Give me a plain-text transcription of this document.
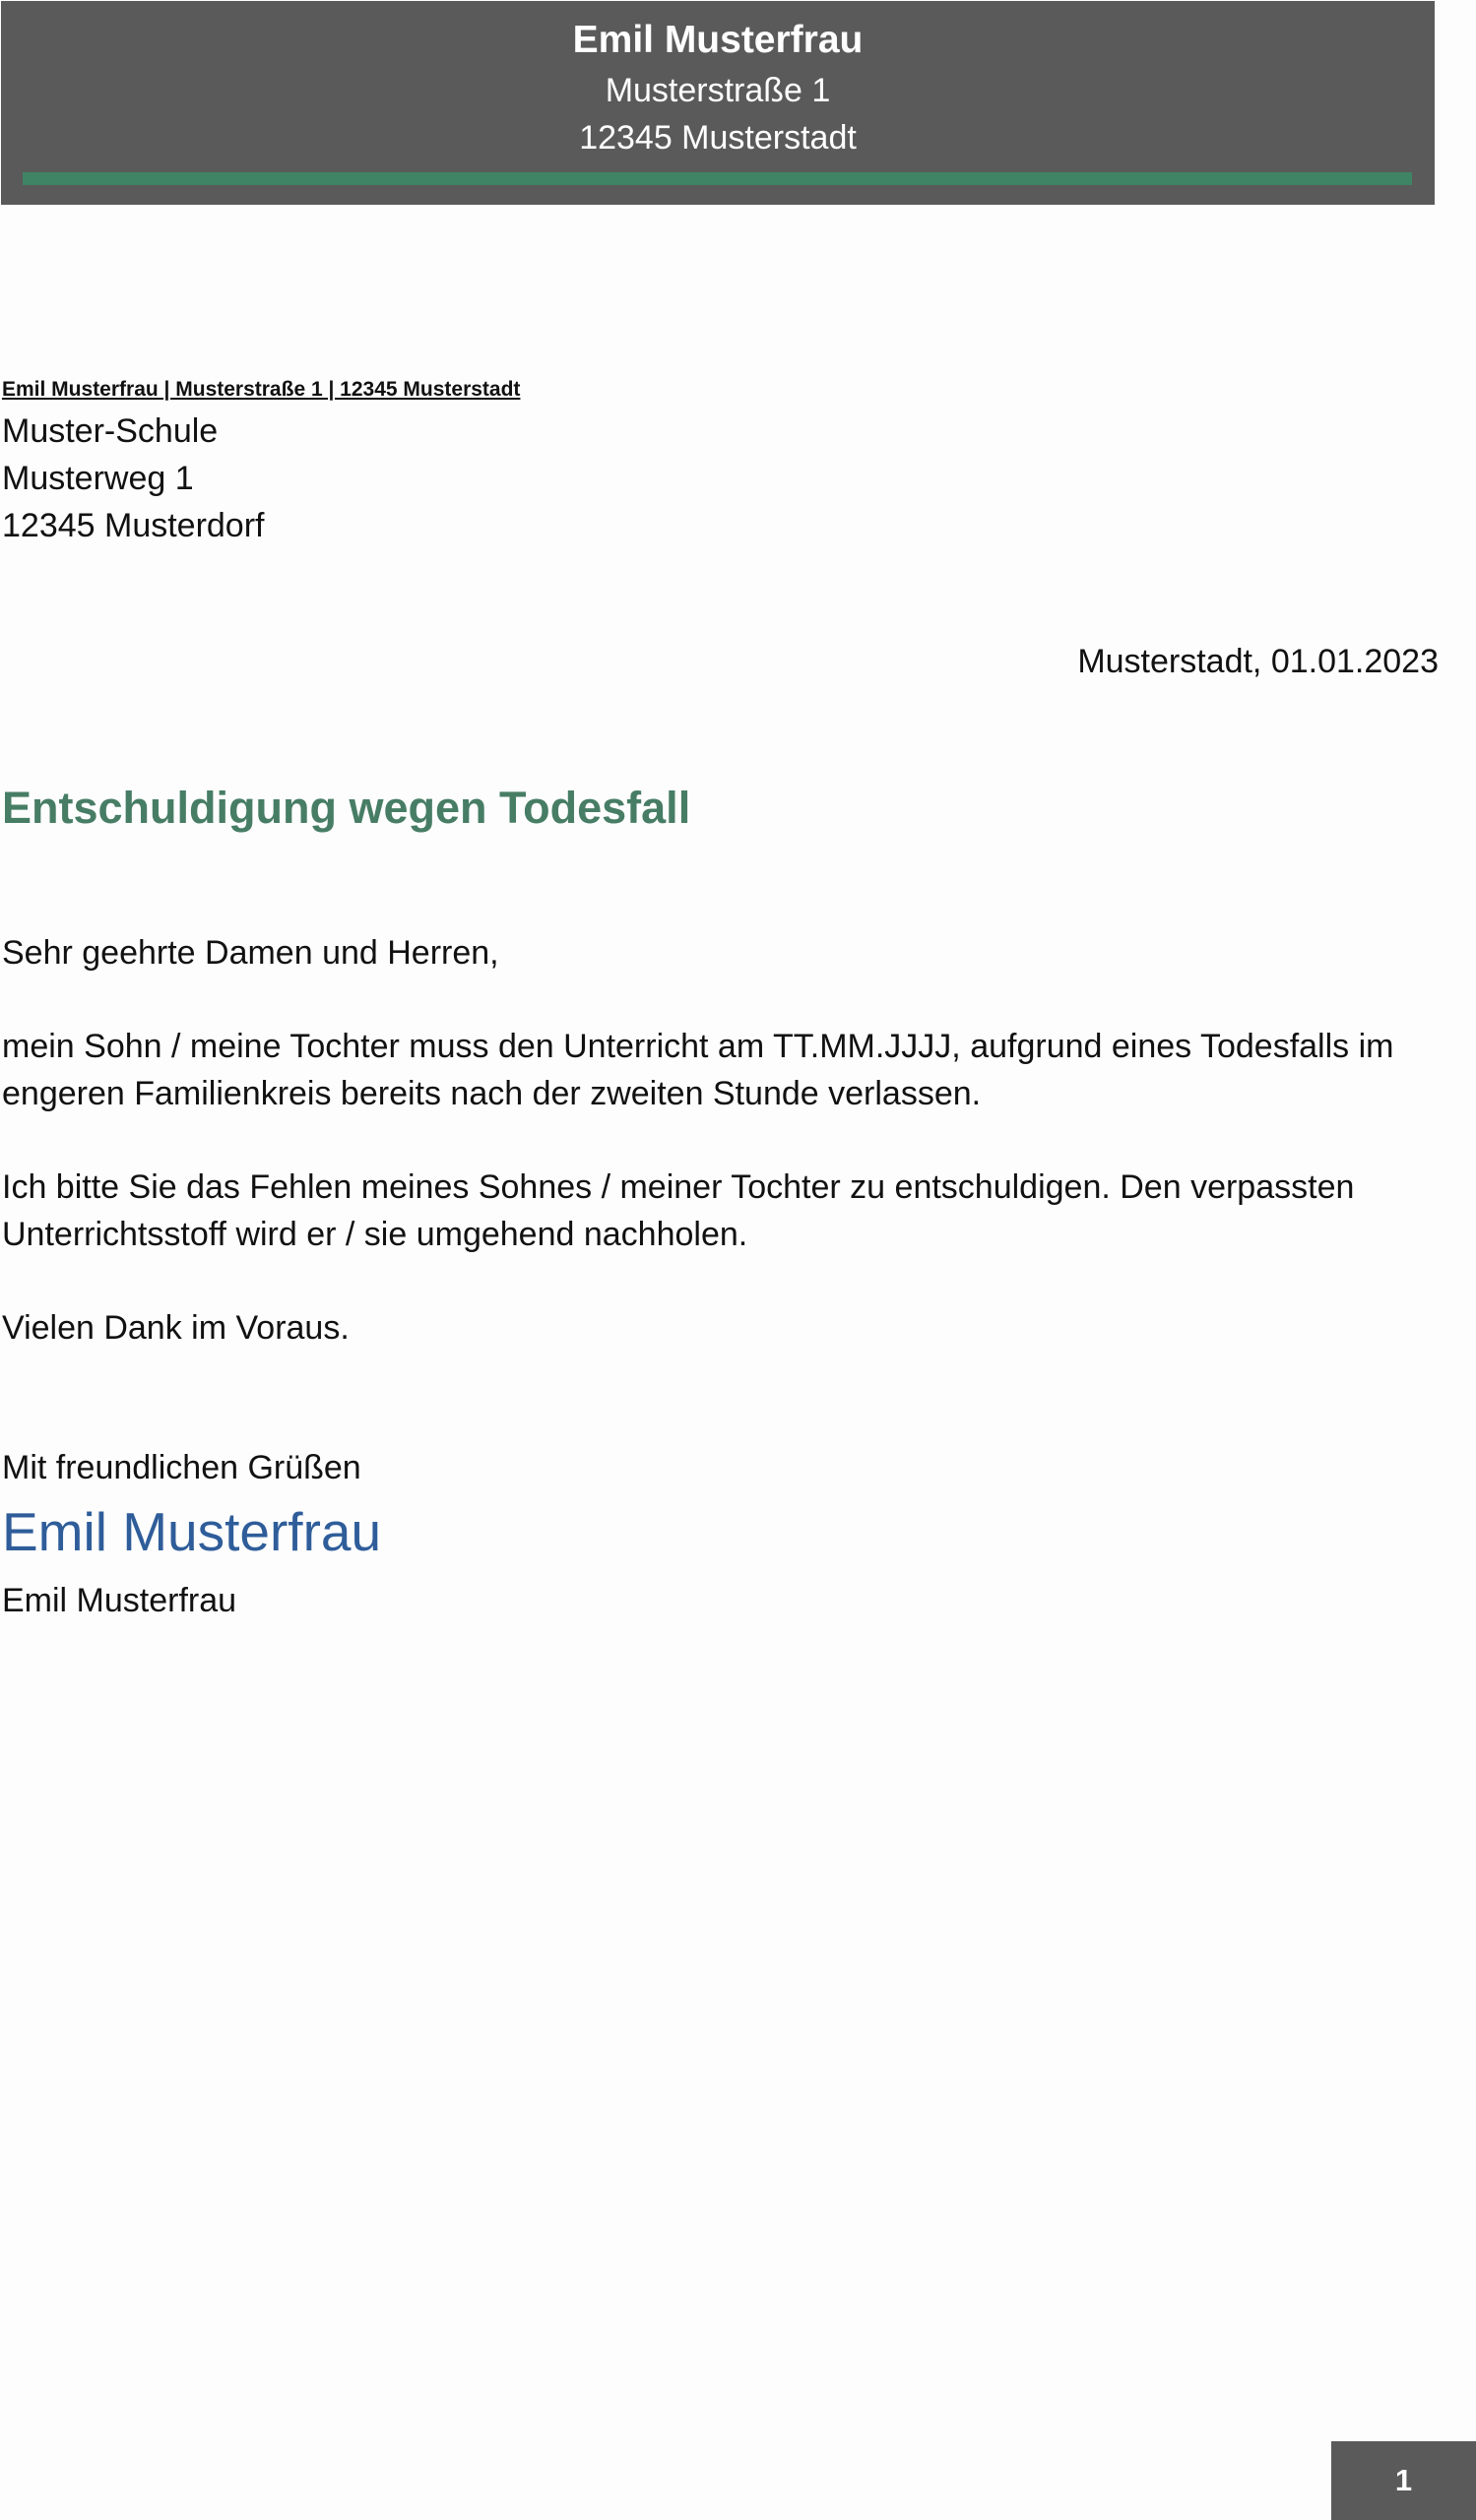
Emil Musterfrau
Musterstraße 1
12345 Musterstadt
Emil Musterfrau | Musterstraße 1 | 12345 Musterstadt
Muster-Schule
Musterweg 1
12345 Musterdorf
Musterstadt, 01.01.2023
Entschuldigung wegen Todesfall
Sehr geehrte Damen und Herren,
mein Sohn / meine Tochter muss den Unterricht am TT.MM.JJJJ, aufgrund eines Todesfalls im engeren Familienkreis bereits nach der zweiten Stunde verlassen.
Ich bitte Sie das Fehlen meines Sohnes / meiner Tochter zu entschuldigen. Den verpassten Unterrichtsstoff wird er / sie umgehend nachholen.
Vielen Dank im Voraus.
Mit freundlichen Grüßen
Emil Musterfrau
Emil Musterfrau
1
